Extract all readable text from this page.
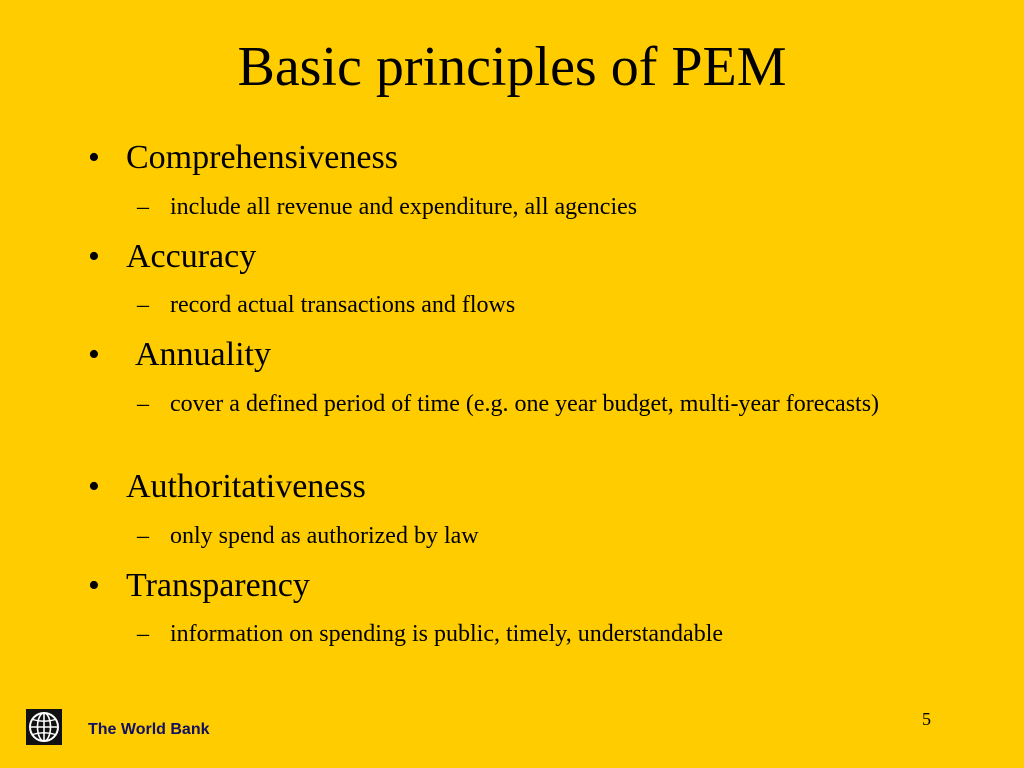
Basic principles of PEM
• Comprehensiveness
– include all revenue and expenditure, all agencies
• Accuracy
– record actual transactions and flows
• Annuality
– cover a defined period of time (e.g. one year budget, multi-year forecasts)
• Authoritativeness
– only spend as authorized by law
• Transparency
– information on spending is public, timely, understandable
The World Bank
5
